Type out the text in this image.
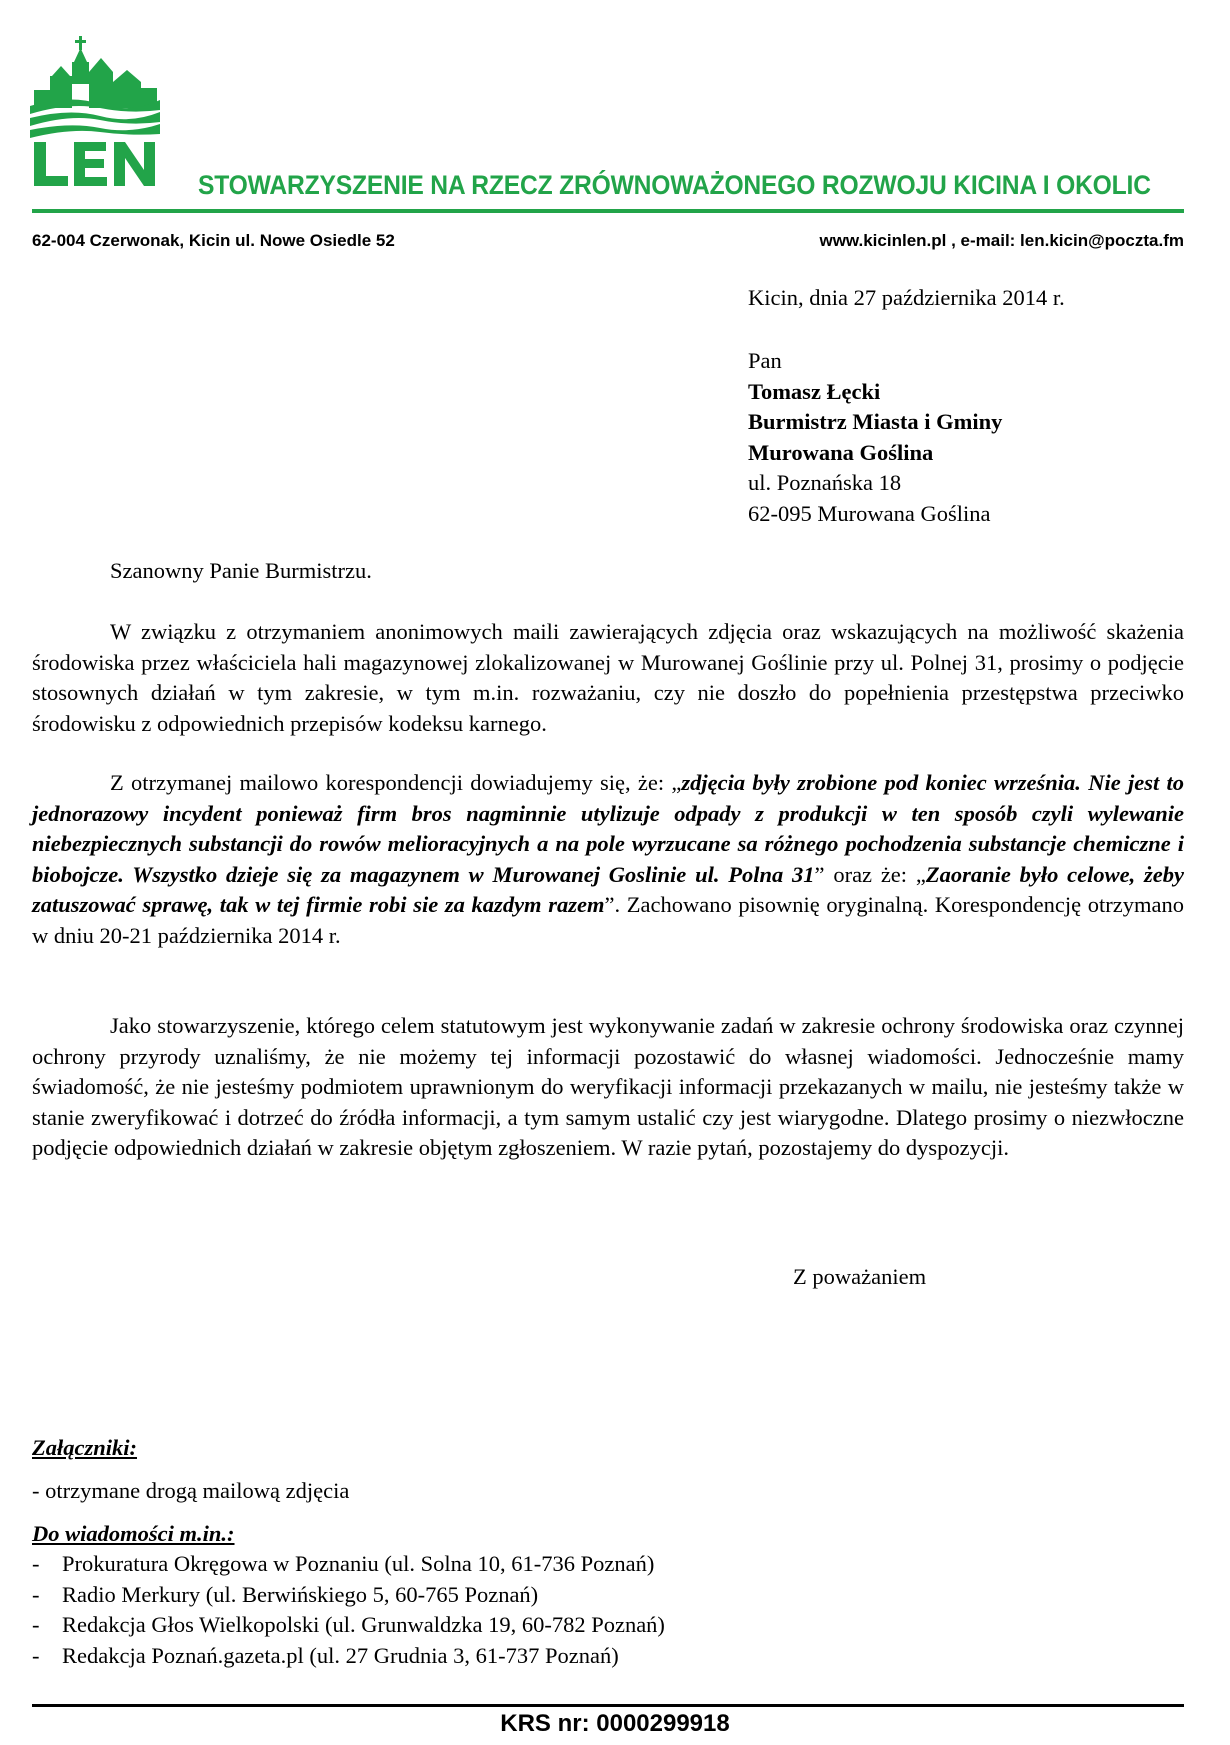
STOWARZYSZENIE NA RZECZ ZRÓWNOWAŻONEGO ROZWOJU KICINA I OKOLIC
62-004 Czerwonak, Kicin ul. Nowe Osiedle 52	www.kicinlen.pl , e-mail: len.kicin@poczta.fm
Kicin, dnia 27 października 2014 r.
Pan
Tomasz Łęcki
Burmistrz Miasta i Gminy
Murowana Goślina
ul. Poznańska 18
62-095 Murowana Goślina
Szanowny Panie Burmistrzu.
W związku z otrzymaniem anonimowych maili zawierających zdjęcia oraz wskazujących na możliwość skażenia środowiska przez właściciela hali magazynowej zlokalizowanej w Murowanej Goślinie przy ul. Polnej 31, prosimy o podjęcie stosownych działań w tym zakresie, w tym m.in. rozważaniu, czy nie doszło do popełnienia przestępstwa przeciwko środowisku z odpowiednich przepisów kodeksu karnego.
Z otrzymanej mailowo korespondencji dowiadujemy się, że: „zdjęcia były zrobione pod koniec września. Nie jest to jednorazowy incydent ponieważ firm bros nagminnie utylizuje odpady z produkcji w ten sposób czyli wylewanie niebezpiecznych substancji do rowów melioracyjnych a na pole wyrzucane sa różnego pochodzenia substancje chemiczne i biobojcze. Wszystko dzieje się za magazynem w Murowanej Goslinie ul. Polna 31” oraz że: „Zaoranie było celowe, żeby zatuszować sprawę, tak w tej firmie robi sie za kazdym razem”. Zachowano pisownię oryginalną. Korespondencję otrzymano w dniu 20-21 października 2014 r.
Jako stowarzyszenie, którego celem statutowym jest wykonywanie zadań w zakresie ochrony środowiska oraz czynnej ochrony przyrody uznaliśmy, że nie możemy tej informacji pozostawić do własnej wiadomości. Jednocześnie mamy świadomość, że nie jesteśmy podmiotem uprawnionym do weryfikacji informacji przekazanych w mailu, nie jesteśmy także w stanie zweryfikować i dotrzeć do źródła informacji, a tym samym ustalić czy jest wiarygodne. Dlatego prosimy o niezwłoczne podjęcie odpowiednich działań w zakresie objętym zgłoszeniem. W razie pytań, pozostajemy do dyspozycji.
Z poważaniem
Załączniki:
- otrzymane drogą mailową zdjęcia
Do wiadomości m.in.:
- Prokuratura Okręgowa w Poznaniu (ul. Solna 10, 61-736 Poznań)
- Radio Merkury (ul. Berwińskiego 5, 60-765 Poznań)
- Redakcja Głos Wielkopolski (ul. Grunwaldzka 19, 60-782 Poznań)
- Redakcja Poznań.gazeta.pl (ul. 27 Grudnia 3, 61-737 Poznań)
KRS nr: 0000299918
